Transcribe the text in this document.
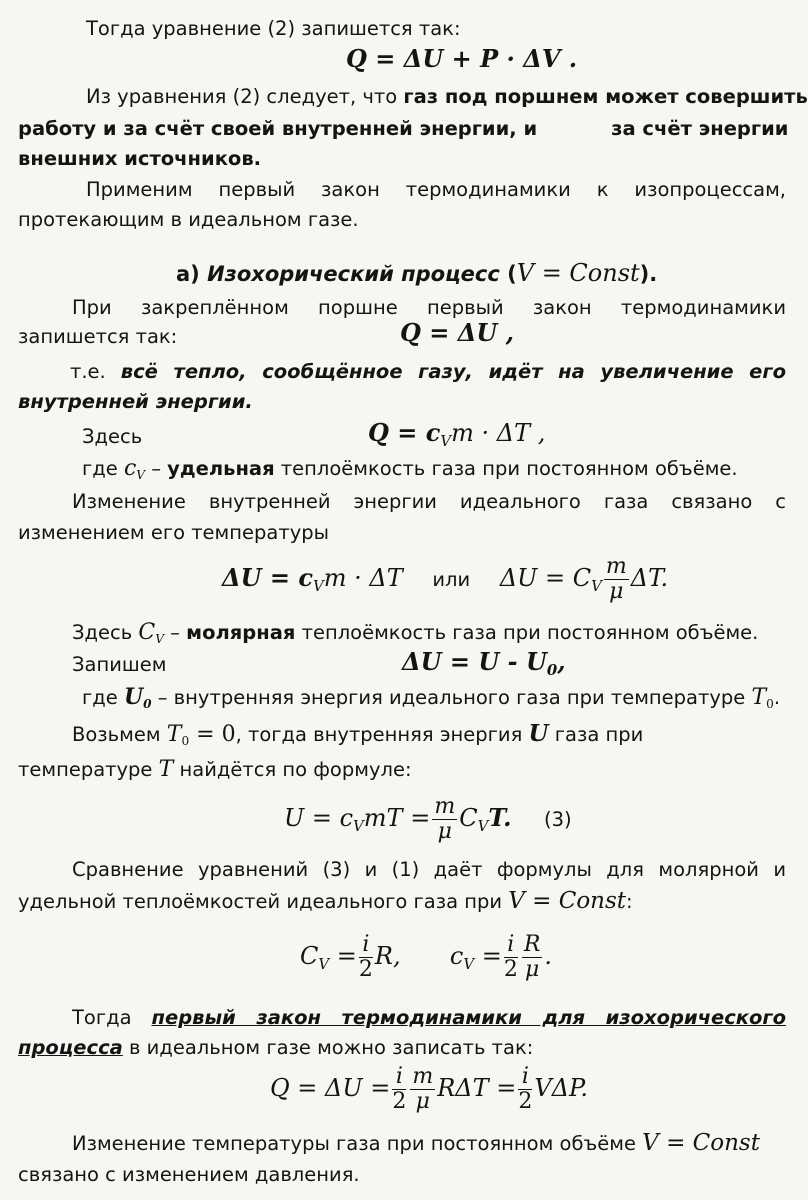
Тогда уравнение (2) запишется так:
Q = ΔU + P · ΔV .
Из уравнения (2) следует, что газ под поршнем может совершить
работу и за счёт своей внутренней энергии, и	за счёт энергии
внешних источников.
Применим первый закон термодинамики к изопроцессам,
протекающим в идеальном газе.
а) Изохорический процесс (V = Const).
При закреплённом поршне первый закон термодинамики
запишется так:	Q = ΔU ,
т.е. всё тепло, сообщённое газу, идёт на увеличение его
внутренней энергии.
Здесь	$Q = c_Vm \cdot \Delta T$ ,
где $c_V$ – удельная теплоёмкость газа при постоянном объёме.
Изменение внутренней энергии идеального газа связано с
изменением его температуры
$\Delta U = c_Vm \cdot \Delta T$ или $\Delta U = C_V \frac{m}{\mu} \Delta T$.
Здесь $C_V$ – молярная теплоёмкость газа при постоянном объёме.
Запишем	$\Delta U = U - U_0$,
где $U_0$ – внутренняя энергия идеального газа при температуре $T_0$.
Возьмем $T_0 = 0$, тогда внутренняя энергия U газа при
температуре T найдётся по формуле:
$U = c_VmT = \frac{m}{\mu} C_VT$. (3)
Сравнение уравнений (3) и (1) даёт формулы для молярной и
удельной теплоёмкостей идеального газа при V = Const:
$C_V = \frac{i}{2} R$, $c_V = \frac{i}{2} \frac{R}{\mu}$ .
Тогда первый закон термодинамики для изохорического
процесса в идеальном газе можно записать так:
$Q = \Delta U = \frac{i}{2} \frac{m}{\mu}$ $R\Delta T = \frac{i}{2} V\Delta P$.
Изменение температуры газа при постоянном объёме V = Const
связано с изменением давления.
